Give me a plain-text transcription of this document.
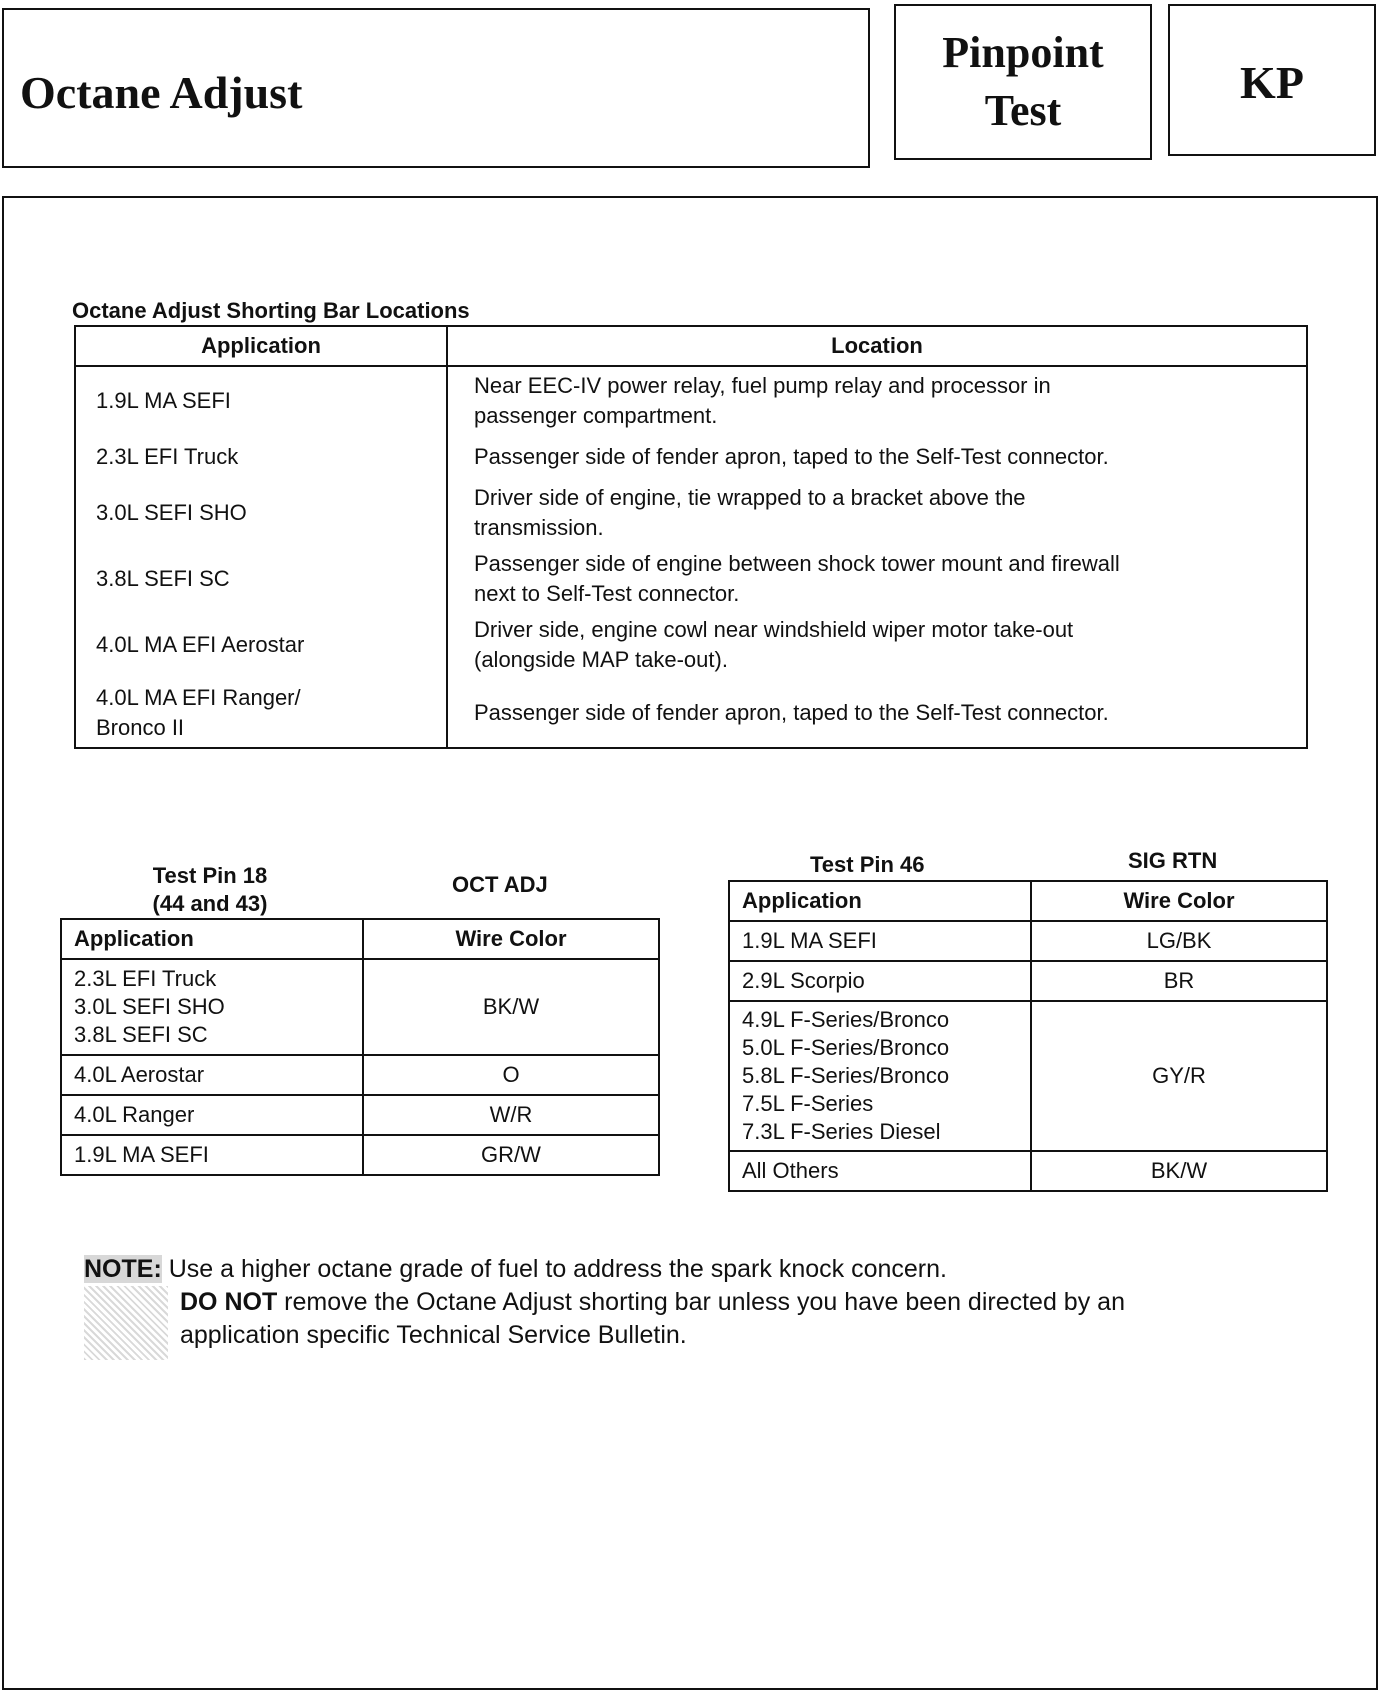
Octane Adjust
Pinpoint
Test
KP
Octane Adjust Shorting Bar Locations
Application	Location
1.9L MA SEFI	Near EEC-IV power relay, fuel pump relay and processor in
passenger compartment.

2.3L EFI Truck	Passenger side of fender apron, taped to the Self-Test connector.

3.0L SEFI SHO	Driver side of engine, tie wrapped to a bracket above the
transmission.

3.8L SEFI SC	Passenger side of engine between shock tower mount and firewall
next to Self-Test connector.

4.0L MA EFI Aerostar	Driver side, engine cowl near windshield wiper motor take-out
(alongside MAP take-out).

4.0L MA EFI Ranger/
Bronco II	Passenger side of fender apron, taped to the Self-Test connector.
Test Pin 18
(44 and 43)
OCT ADJ
Application	Wire Color

2.3L EFI Truck
3.0L SEFI SHO
3.8L SEFI SC	BK/W
4.0L Aerostar	O
4.0L Ranger	W/R
1.9L MA SEFI	GR/W
Test Pin 46	SIG RTN
Application	Wire Color
1.9L MA SEFI	LG/BK
2.9L Scorpio	BR

4.9L F-Series/Bronco
5.0L F-Series/Bronco
5.8L F-Series/Bronco
7.5L F-Series
7.3L F-Series Diesel	GY/R
All Others	BK/W
NOTE: Use a higher octane grade of fuel to address the spark knock concern.
DO NOT remove the Octane Adjust shorting bar unless you have been directed by an
application specific Technical Service Bulletin.
